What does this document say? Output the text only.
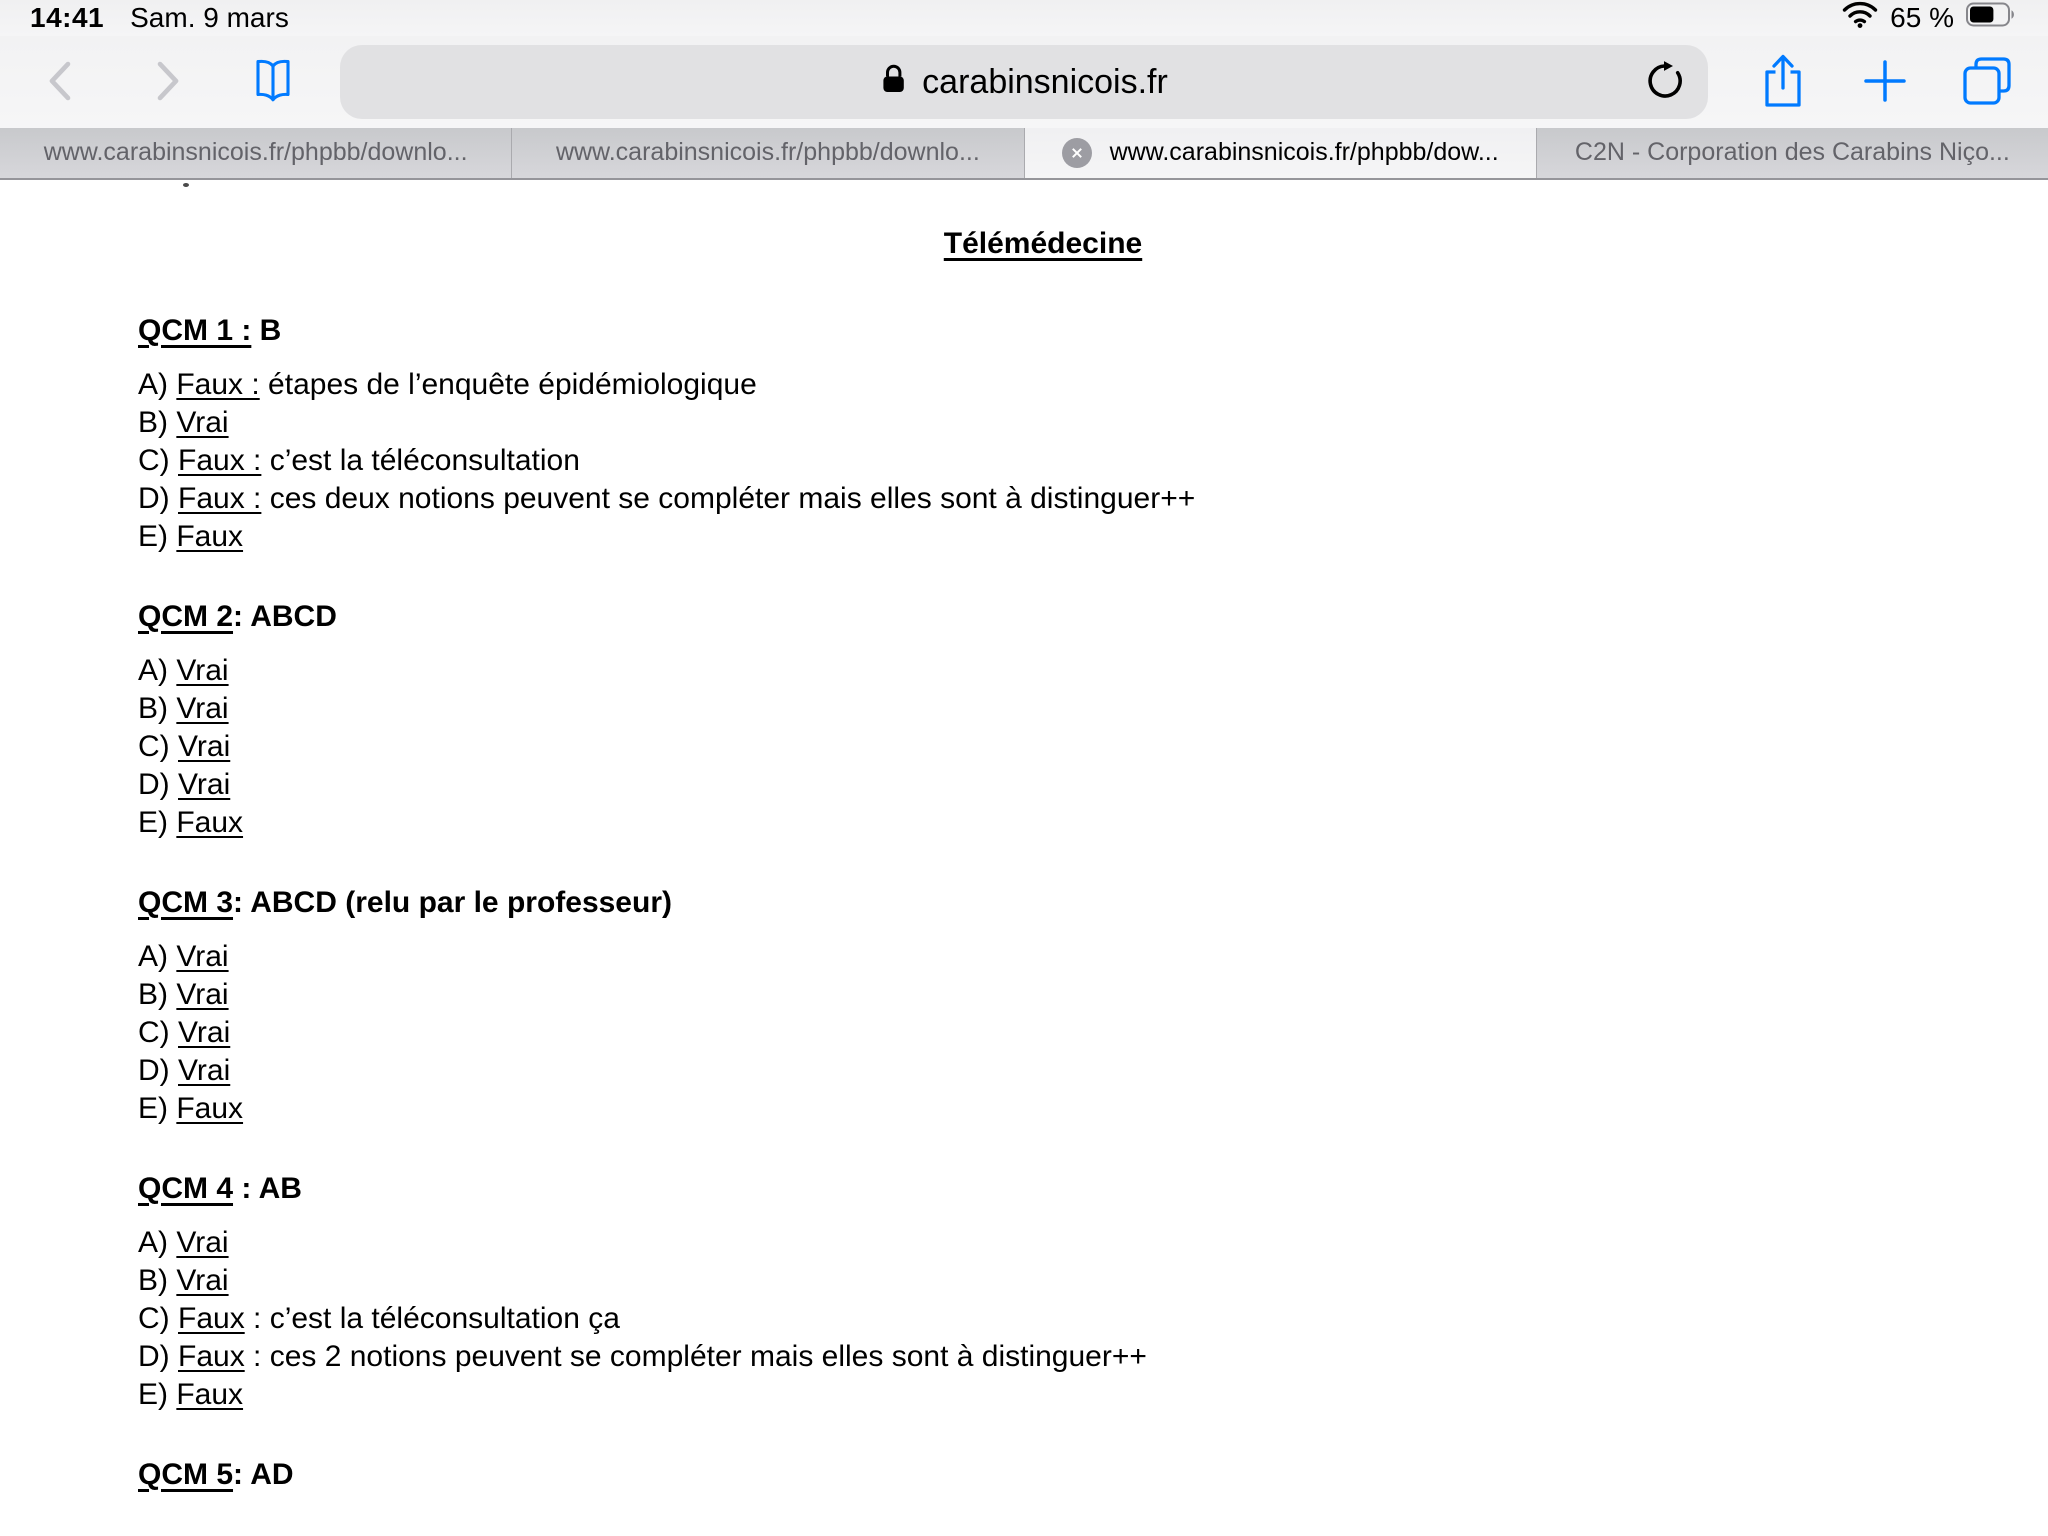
14:41 Sam. 9 mars	65 %
carabinsnicois.fr
www.carabinsnicois.fr/phpbb/downlo...	www.carabinsnicois.fr/phpbb/downlo...	www.carabinsnicois.fr/phpbb/dow...	C2N - Corporation des Carabins Niço...
Télémédecine
QCM 1 : B
A) Faux : étapes de l’enquête épidémiologique
B) Vrai
C) Faux : c’est la téléconsultation
D) Faux : ces deux notions peuvent se compléter mais elles sont à distinguer++
E) Faux
QCM 2: ABCD
A) Vrai
B) Vrai
C) Vrai
D) Vrai
E) Faux
QCM 3: ABCD (relu par le professeur)
A) Vrai
B) Vrai
C) Vrai
D) Vrai
E) Faux
QCM 4 : AB
A) Vrai
B) Vrai
C) Faux : c’est la téléconsultation ça
D) Faux : ces 2 notions peuvent se compléter mais elles sont à distinguer++
E) Faux
QCM 5: AD
